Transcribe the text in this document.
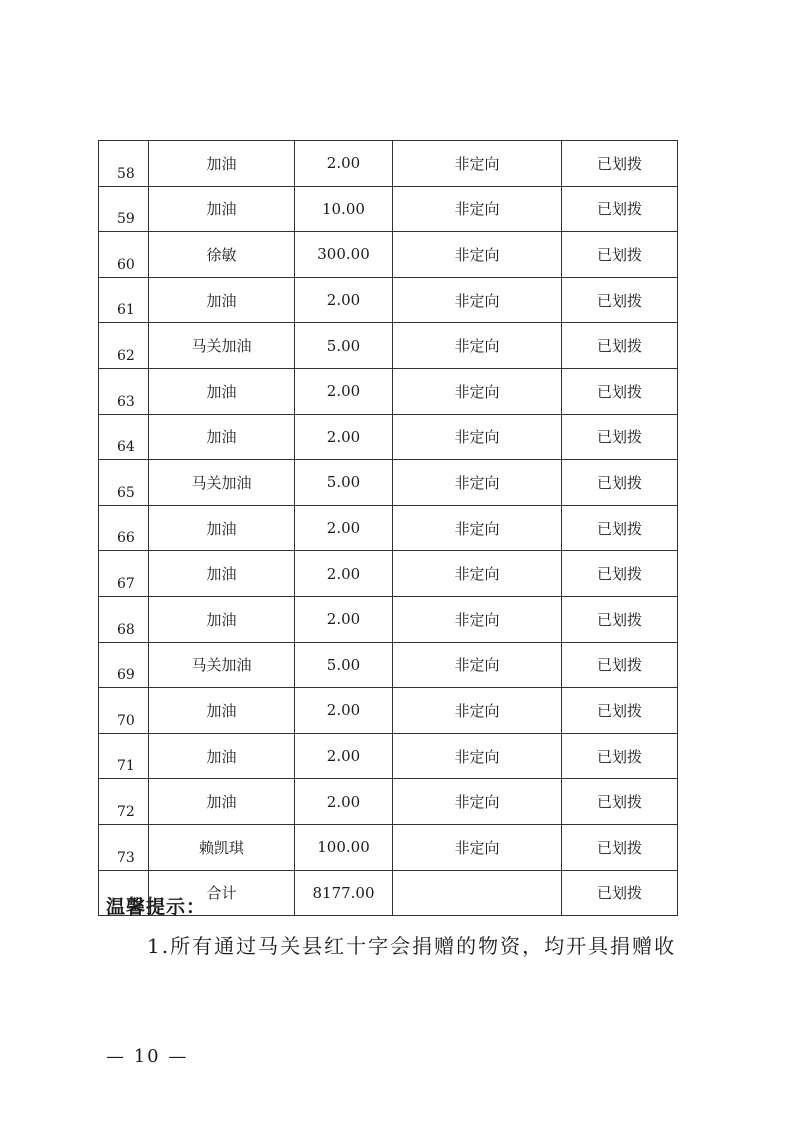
58	加油	2.00	非定向	已划拨
59	加油	10.00	非定向	已划拨
60	徐敏	300.00	非定向	已划拨
61	加油	2.00	非定向	已划拨
62	马关加油	5.00	非定向	已划拨
63	加油	2.00	非定向	已划拨
64	加油	2.00	非定向	已划拨
65	马关加油	5.00	非定向	已划拨
66	加油	2.00	非定向	已划拨
67	加油	2.00	非定向	已划拨
68	加油	2.00	非定向	已划拨
69	马关加油	5.00	非定向	已划拨
70	加油	2.00	非定向	已划拨
71	加油	2.00	非定向	已划拨
72	加油	2.00	非定向	已划拨
73	赖凯琪	100.00	非定向	已划拨
	合计	8177.00		已划拨

温馨提示：

1.所有通过马关县红十字会捐赠的物资，均开具捐赠收

— 10 —
